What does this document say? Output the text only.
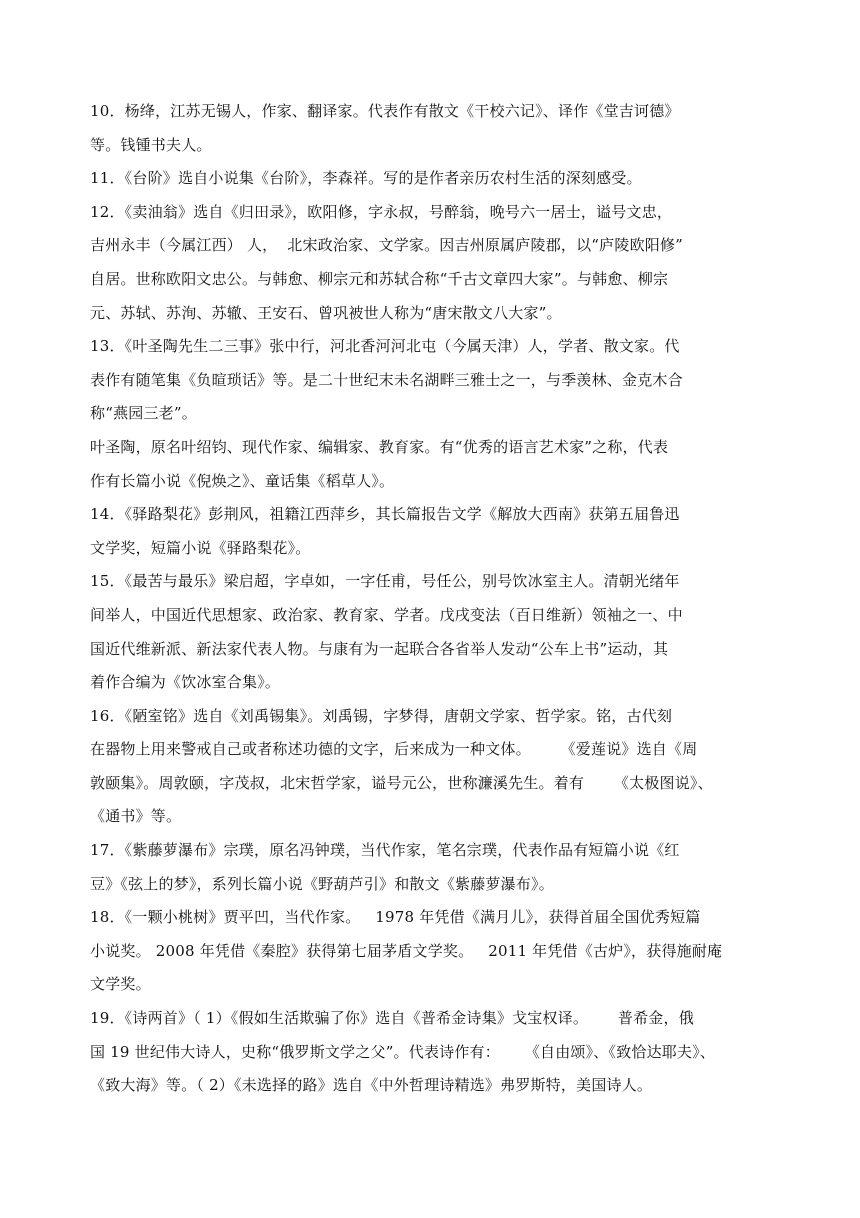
10．杨绛，江苏无锡人，作家、翻译家。代表作有散文《干校六记》、译作《堂吉诃德》
等。钱锺书夫人。
11．《台阶》选自小说集《台阶》，李森祥。写的是作者亲历农村生活的深刻感受。
12．《卖油翁》选自《归田录》，欧阳修，字永叔，号醉翁，晚号六一居士，谥号文忠，
吉州永丰（今属江西） 人，  北宋政治家、文学家。因吉州原属庐陵郡，以“庐陵欧阳修”
自居。世称欧阳文忠公。与韩愈、柳宗元和苏轼合称“千古文章四大家”。与韩愈、柳宗
元、苏轼、苏洵、苏辙、王安石、曾巩被世人称为“唐宋散文八大家”。
13．《叶圣陶先生二三事》张中行，河北香河河北屯（今属天津）人，学者、散文家。代
表作有随笔集《负暄琐话》等。是二十世纪末未名湖畔三雅士之一，与季羡林、金克木合
称“燕园三老”。
叶圣陶，原名叶绍钧、现代作家、编辑家、教育家。有“优秀的语言艺术家”之称，代表
作有长篇小说《倪焕之》、童话集《稻草人》。
14．《驿路梨花》彭荆风，祖籍江西萍乡，其长篇报告文学《解放大西南》获第五届鲁迅
文学奖，短篇小说《驿路梨花》。
15．《最苦与最乐》梁启超，字卓如，一字任甫，号任公，别号饮冰室主人。清朝光绪年
间举人，中国近代思想家、政治家、教育家、学者。戊戌变法（百日维新）领袖之一、中
国近代维新派、新法家代表人物。与康有为一起联合各省举人发动“公车上书”运动，其
着作合编为《饮冰室合集》。
16．《陋室铭》选自《刘禹锡集》。刘禹锡，字梦得，唐朝文学家、哲学家。铭，古代刻
在器物上用来警戒自己或者称述功德的文字，后来成为一种文体。      《爱莲说》选自《周
敦颐集》。周敦颐，字茂叔，北宋哲学家，谥号元公，世称濂溪先生。着有      《太极图说》、
《通书》等。
17．《紫藤萝瀑布》宗璞，原名冯钟璞，当代作家，笔名宗璞，代表作品有短篇小说《红
豆》《弦上的梦》，系列长篇小说《野葫芦引》和散文《紫藤萝瀑布》。
18．《一颗小桃树》贾平凹，当代作家。   1978 年凭借《满月儿》，获得首届全国优秀短篇
小说奖。 2008 年凭借《秦腔》获得第七届茅盾文学奖。   2011 年凭借《古炉》，获得施耐庵
文学奖。
19．《诗两首》（ 1）《假如生活欺骗了你》选自《普希金诗集》戈宝权译。      普希金，俄
国 19 世纪伟大诗人，史称“俄罗斯文学之父”。代表诗作有：     《自由颂》、《致恰达耶夫》、
《致大海》等。（ 2）《未选择的路》选自《中外哲理诗精选》弗罗斯特，美国诗人。
